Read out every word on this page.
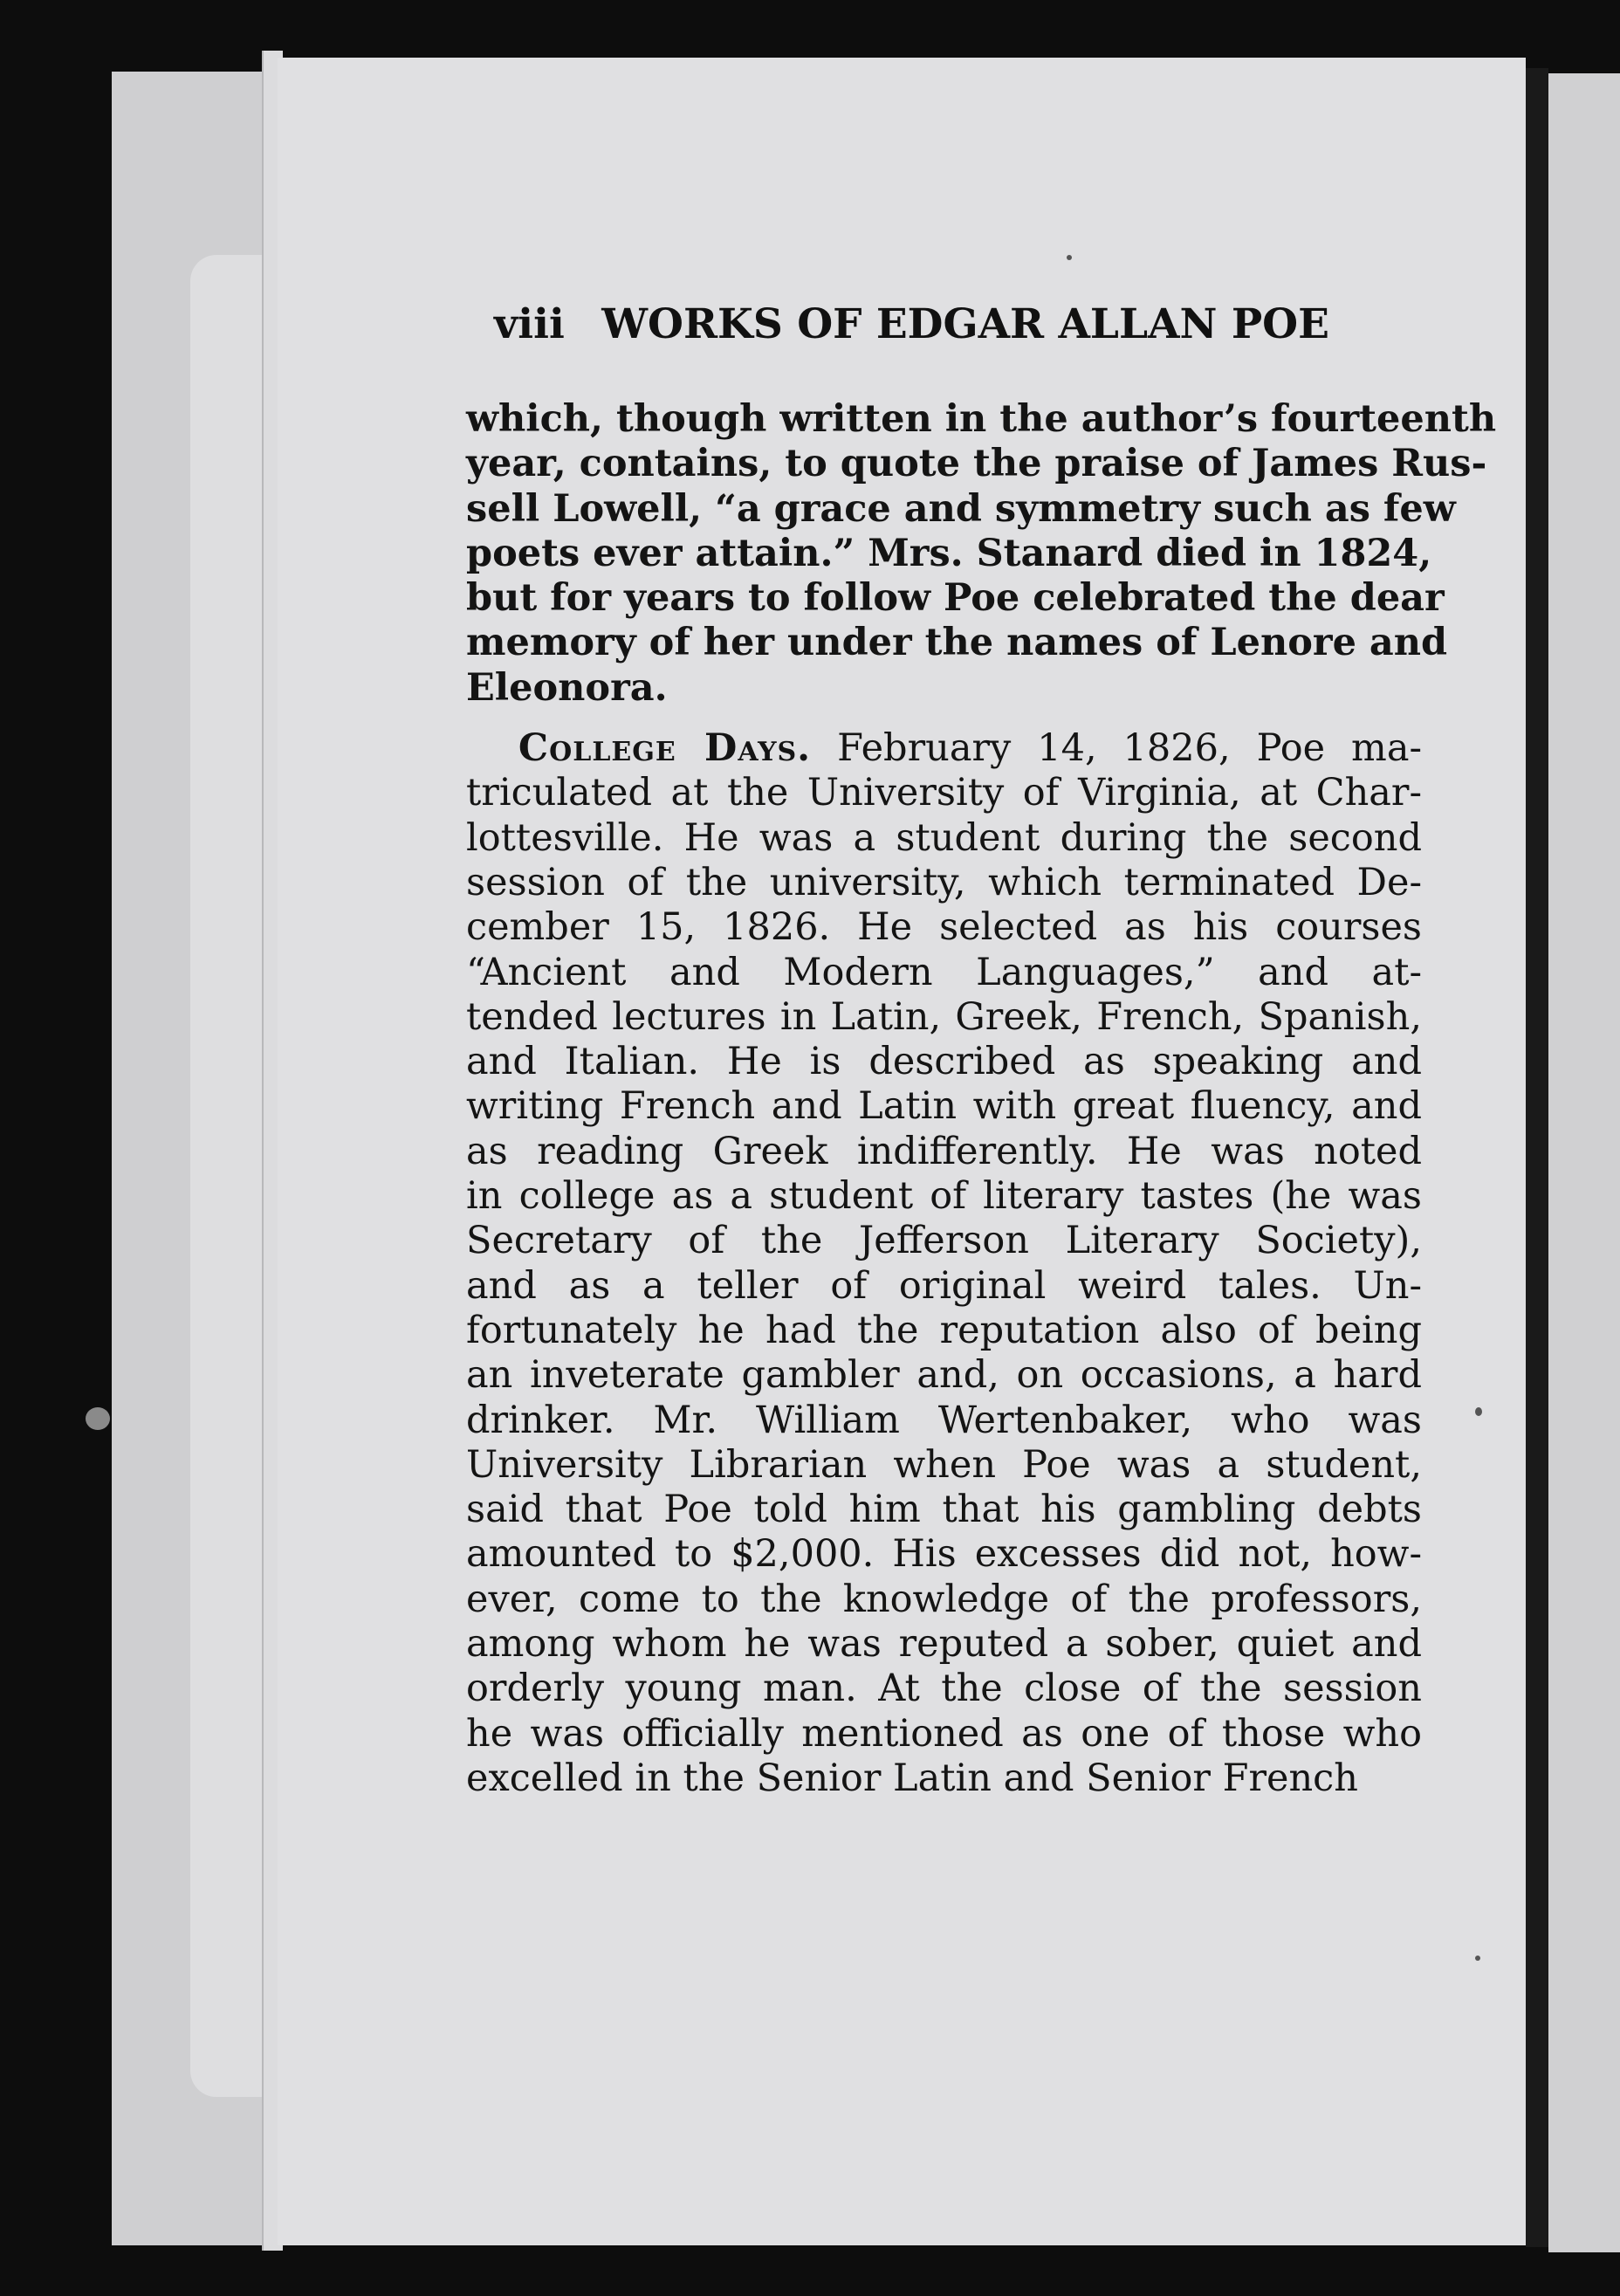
viii WORKS OF EDGAR ALLAN POE
which, though written in the author’s fourteenth
year, contains, to quote the praise of James Rus-
sell Lowell, “a grace and symmetry such as few
poets ever attain.” Mrs. Stanard died in 1824,
but for years to follow Poe celebrated the dear
memory of her under the names of Lenore and
Eleonora.
College Days. February 14, 1826, Poe ma-
triculated at the University of Virginia, at Char-
lottesville. He was a student during the second
session of the university, which terminated De-
cember 15, 1826. He selected as his courses
“Ancient and Modern Languages,” and at-
tended lectures in Latin, Greek, French, Spanish,
and Italian. He is described as speaking and
writing French and Latin with great fluency, and
as reading Greek indifferently. He was noted
in college as a student of literary tastes (he was
Secretary of the Jefferson Literary Society),
and as a teller of original weird tales. Un-
fortunately he had the reputation also of being
an inveterate gambler and, on occasions, a hard
drinker. Mr. William Wertenbaker, who was
University Librarian when Poe was a student,
said that Poe told him that his gambling debts
amounted to $2,000. His excesses did not, how-
ever, come to the knowledge of the professors,
among whom he was reputed a sober, quiet and
orderly young man. At the close of the session
he was officially mentioned as one of those who
excelled in the Senior Latin and Senior French
